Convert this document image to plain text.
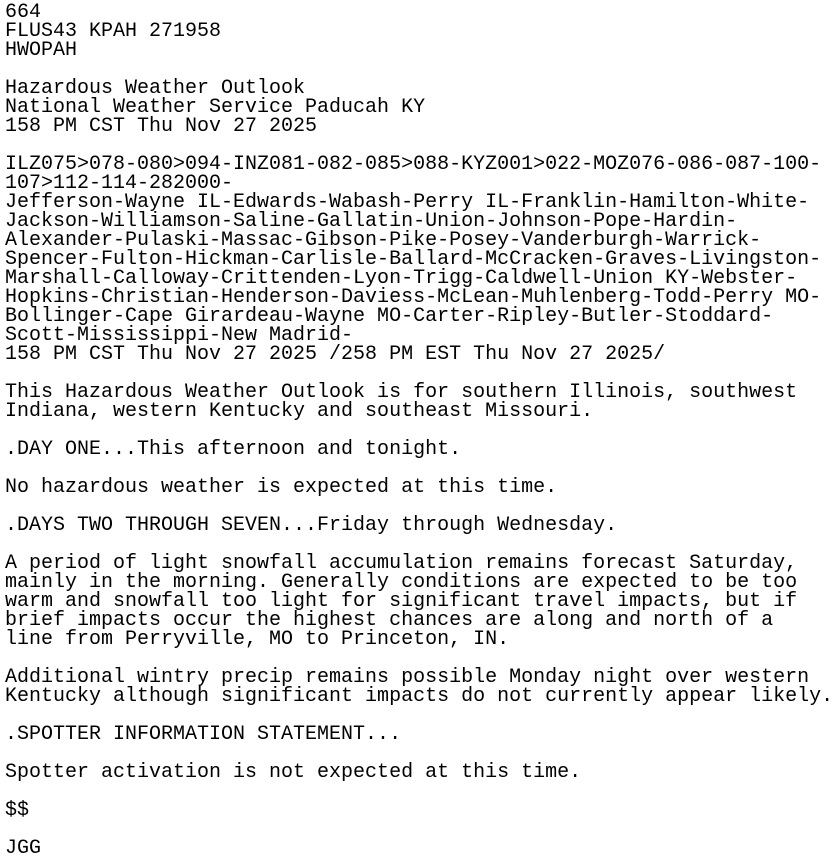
664
FLUS43 KPAH 271958
HWOPAH

Hazardous Weather Outlook
National Weather Service Paducah KY
158 PM CST Thu Nov 27 2025

ILZ075>078-080>094-INZ081-082-085>088-KYZ001>022-MOZ076-086-087-100-
107>112-114-282000-
Jefferson-Wayne IL-Edwards-Wabash-Perry IL-Franklin-Hamilton-White-
Jackson-Williamson-Saline-Gallatin-Union-Johnson-Pope-Hardin-
Alexander-Pulaski-Massac-Gibson-Pike-Posey-Vanderburgh-Warrick-
Spencer-Fulton-Hickman-Carlisle-Ballard-McCracken-Graves-Livingston-
Marshall-Calloway-Crittenden-Lyon-Trigg-Caldwell-Union KY-Webster-
Hopkins-Christian-Henderson-Daviess-McLean-Muhlenberg-Todd-Perry MO-
Bollinger-Cape Girardeau-Wayne MO-Carter-Ripley-Butler-Stoddard-
Scott-Mississippi-New Madrid-
158 PM CST Thu Nov 27 2025 /258 PM EST Thu Nov 27 2025/

This Hazardous Weather Outlook is for southern Illinois, southwest
Indiana, western Kentucky and southeast Missouri.

.DAY ONE...This afternoon and tonight.

No hazardous weather is expected at this time.

.DAYS TWO THROUGH SEVEN...Friday through Wednesday.

A period of light snowfall accumulation remains forecast Saturday,
mainly in the morning. Generally conditions are expected to be too
warm and snowfall too light for significant travel impacts, but if
brief impacts occur the highest chances are along and north of a
line from Perryville, MO to Princeton, IN.

Additional wintry precip remains possible Monday night over western
Kentucky although significant impacts do not currently appear likely.

.SPOTTER INFORMATION STATEMENT...

Spotter activation is not expected at this time.

$$

JGG
